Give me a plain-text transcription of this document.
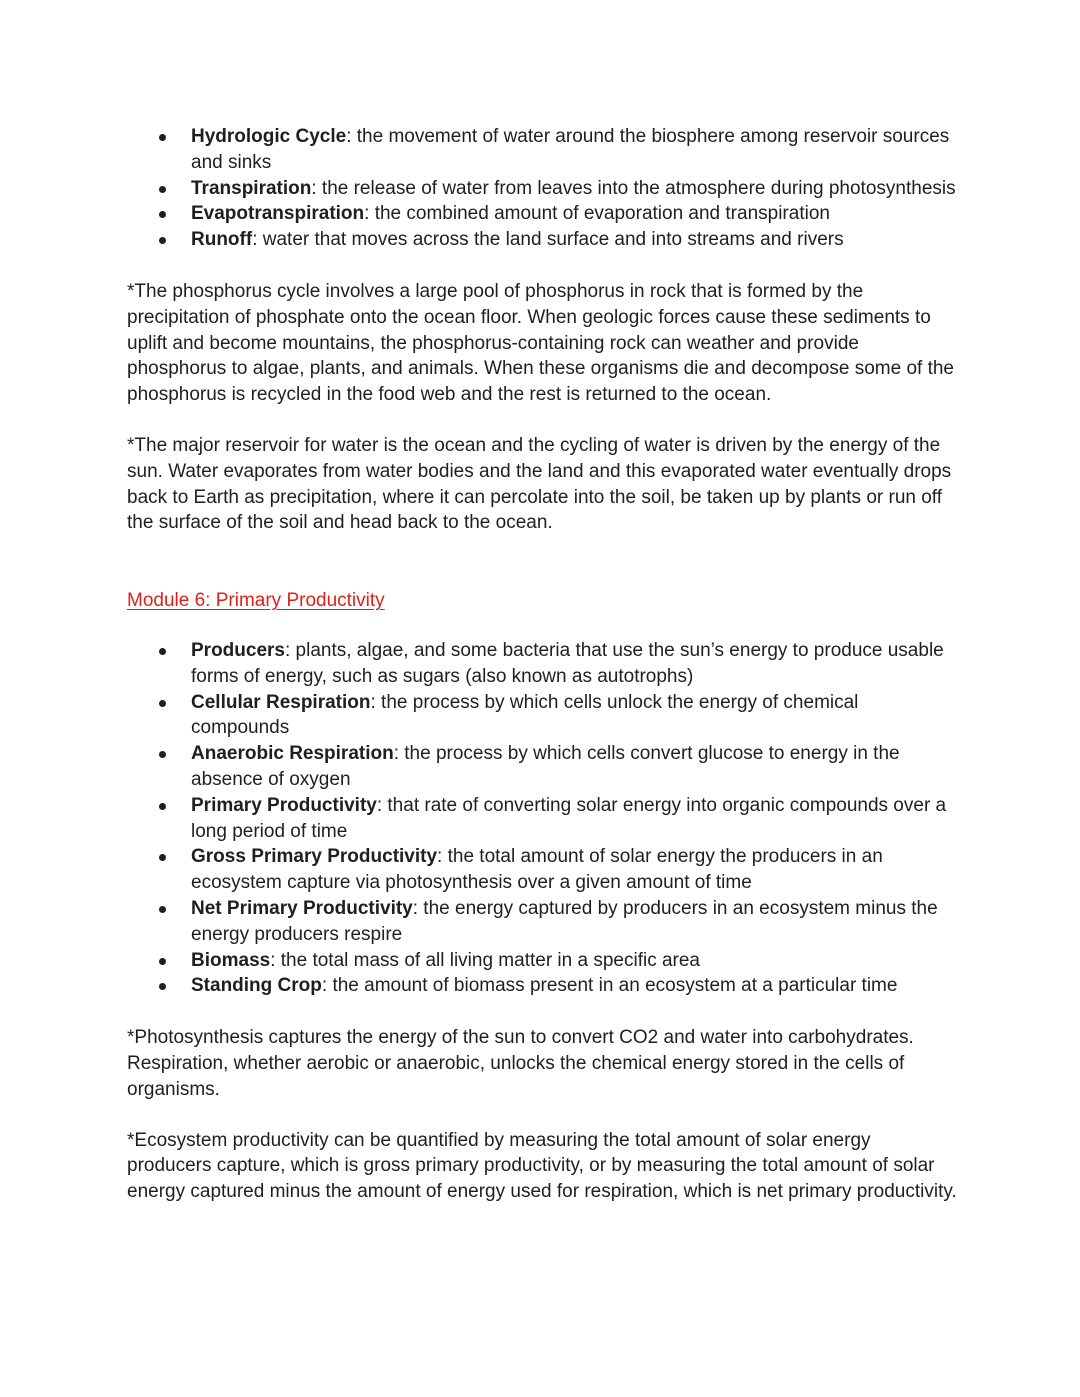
Hydrologic Cycle: the movement of water around the biosphere among reservoir sources and sinks
Transpiration: the release of water from leaves into the atmosphere during photosynthesis
Evapotranspiration: the combined amount of evaporation and transpiration
Runoff: water that moves across the land surface and into streams and rivers

*The phosphorus cycle involves a large pool of phosphorus in rock that is formed by the precipitation of phosphate onto the ocean floor. When geologic forces cause these sediments to uplift and become mountains, the phosphorus-containing rock can weather and provide phosphorus to algae, plants, and animals. When these organisms die and decompose some of the phosphorus is recycled in the food web and the rest is returned to the ocean.

*The major reservoir for water is the ocean and the cycling of water is driven by the energy of the sun. Water evaporates from water bodies and the land and this evaporated water eventually drops back to Earth as precipitation, where it can percolate into the soil, be taken up by plants or run off the surface of the soil and head back to the ocean.

Module 6: Primary Productivity

Producers: plants, algae, and some bacteria that use the sun’s energy to produce usable forms of energy, such as sugars (also known as autotrophs)
Cellular Respiration: the process by which cells unlock the energy of chemical compounds
Anaerobic Respiration: the process by which cells convert glucose to energy in the absence of oxygen
Primary Productivity: that rate of converting solar energy into organic compounds over a long period of time
Gross Primary Productivity: the total amount of solar energy the producers in an ecosystem capture via photosynthesis over a given amount of time
Net Primary Productivity: the energy captured by producers in an ecosystem minus the energy producers respire
Biomass: the total mass of all living matter in a specific area
Standing Crop: the amount of biomass present in an ecosystem at a particular time

*Photosynthesis captures the energy of the sun to convert CO2 and water into carbohydrates. Respiration, whether aerobic or anaerobic, unlocks the chemical energy stored in the cells of organisms.

*Ecosystem productivity can be quantified by measuring the total amount of solar energy producers capture, which is gross primary productivity, or by measuring the total amount of solar energy captured minus the amount of energy used for respiration, which is net primary productivity.
